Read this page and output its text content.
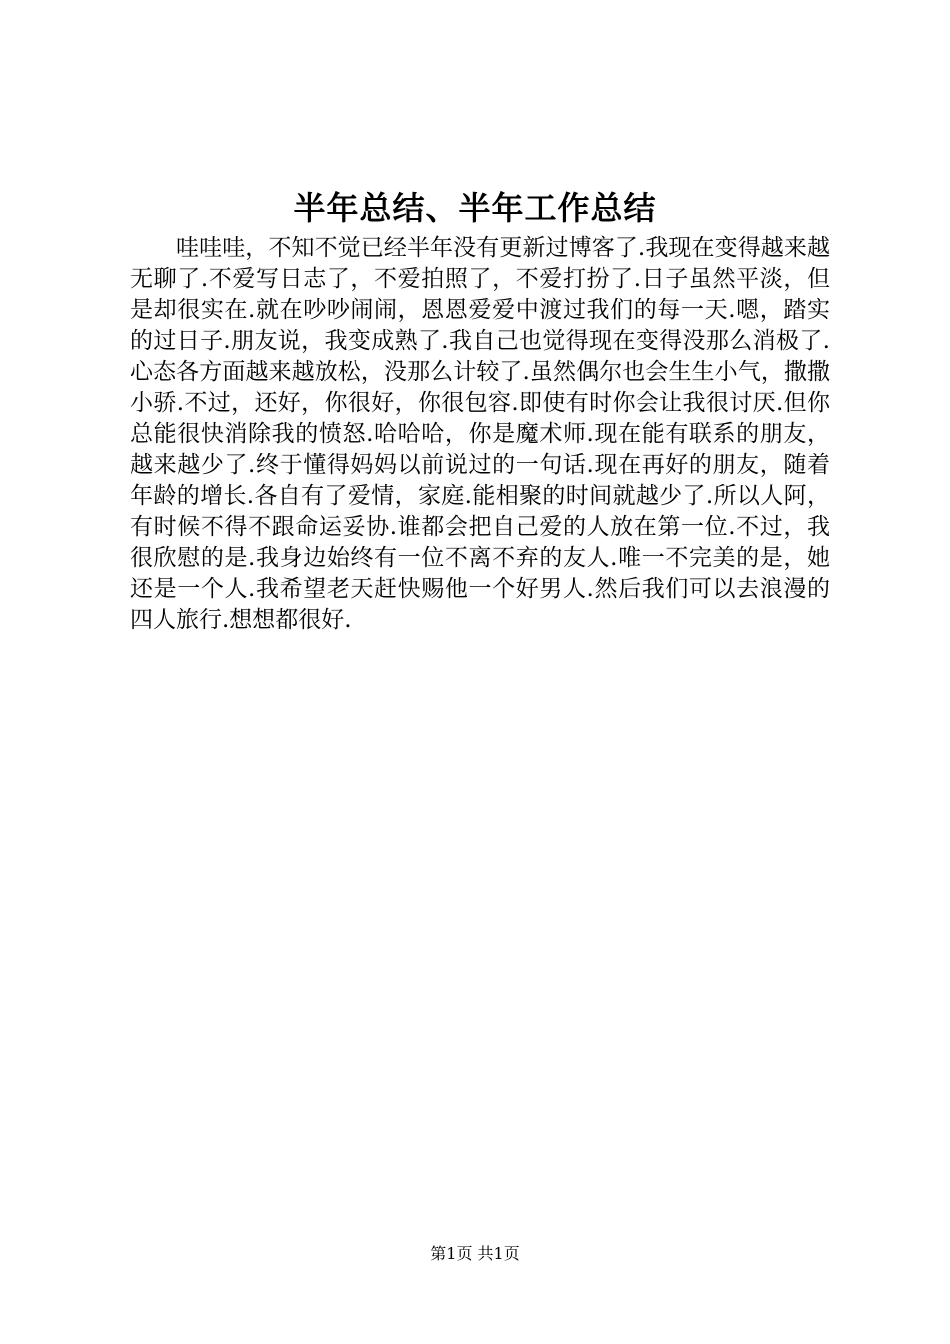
半年总结、半年工作总结

哇哇哇，不知不觉已经半年没有更新过博客了.我现在变得越来越无聊了.不爱写日志了，不爱拍照了，不爱打扮了.日子虽然平淡，但是却很实在.就在吵吵闹闹，恩恩爱爱中渡过我们的每一天.嗯，踏实的过日子.朋友说，我变成熟了.我自己也觉得现在变得没那么消极了.心态各方面越来越放松，没那么计较了.虽然偶尔也会生生小气，撒撒小骄.不过，还好，你很好，你很包容.即使有时你会让我很讨厌.但你总能很快消除我的愤怒.哈哈哈，你是魔术师.现在能有联系的朋友，越来越少了.终于懂得妈妈以前说过的一句话.现在再好的朋友，随着年龄的增长.各自有了爱情，家庭.能相聚的时间就越少了.所以人阿，有时候不得不跟命运妥协.谁都会把自己爱的人放在第一位.不过，我很欣慰的是.我身边始终有一位不离不弃的友人.唯一不完美的是，她还是一个人.我希望老天赶快赐他一个好男人.然后我们可以去浪漫的四人旅行.想想都很好.

第1页 共1页
